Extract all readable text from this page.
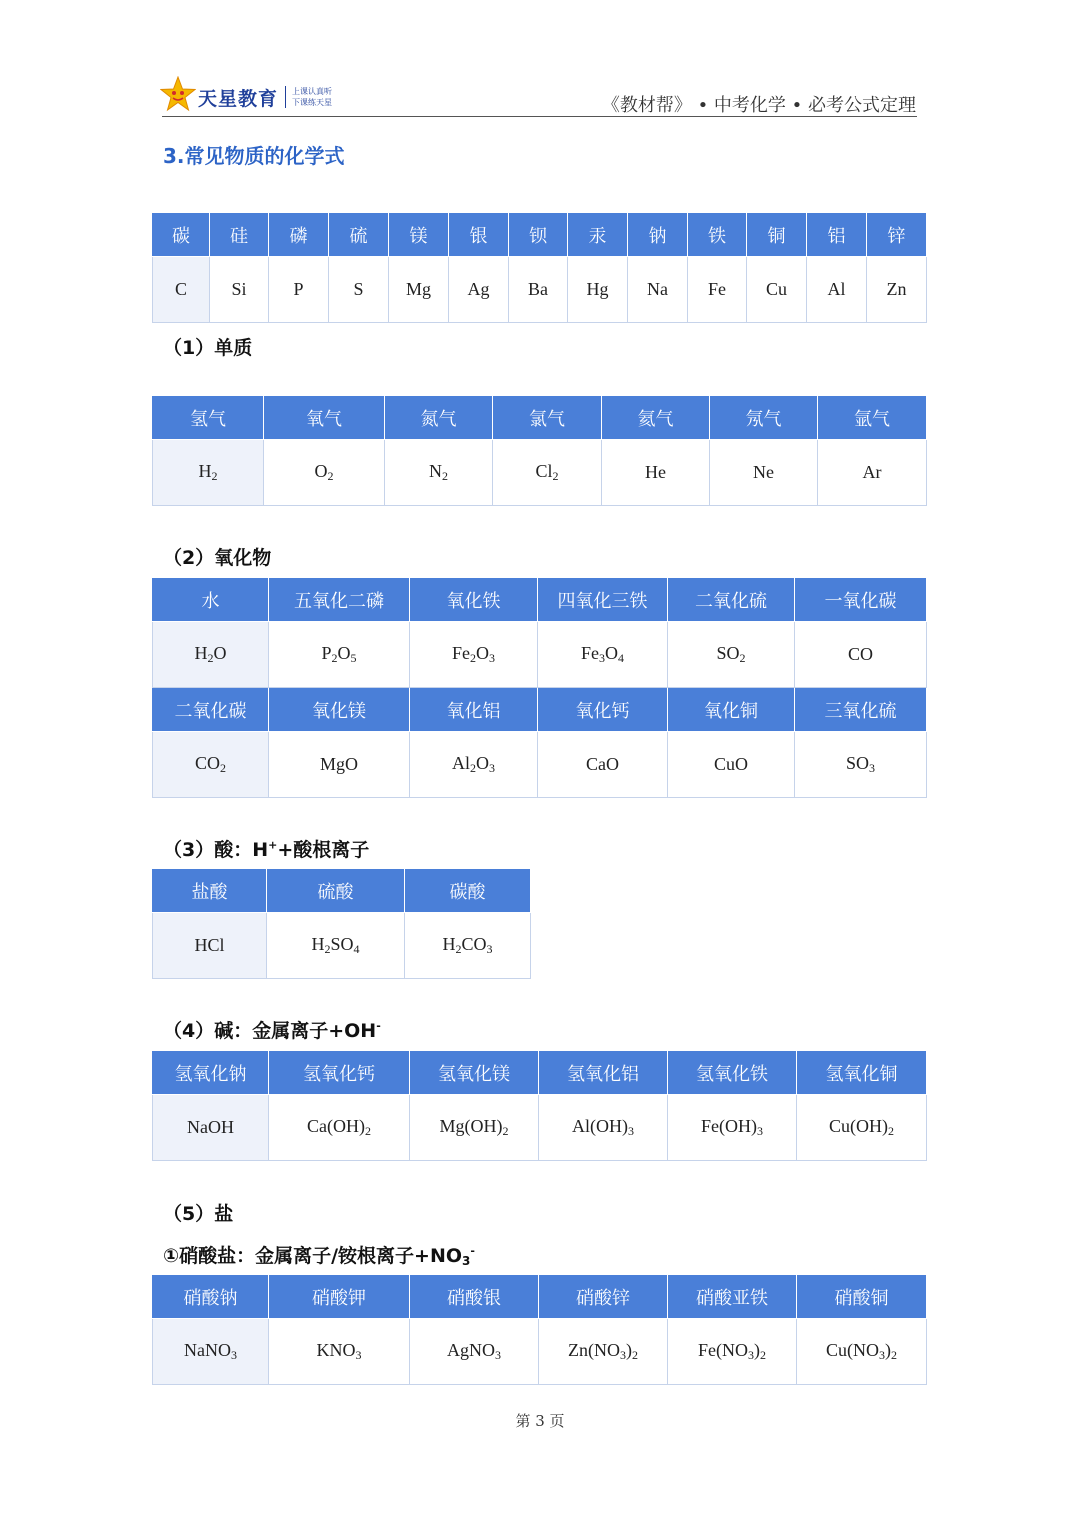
天星教育 上课认真听
下课练天星	《教材帮》 • 中考化学 • 必考公式定理
3.常见物质的化学式
碳	硅	磷	硫	镁	银	钡	汞	钠	铁	铜	铝	锌
C	Si	P	S	Mg	Ag	Ba	Hg	Na	Fe	Cu	Al	Zn
（1）单质
氢气	氧气	氮气	氯气	氦气	氖气	氩气
$H_2$	$O_2$	$N_2$	$Cl_2$	He	Ne	Ar
（2）氧化物
水	五氧化二磷	氧化铁	四氧化三铁	二氧化硫	一氧化碳
$H_2O$	$P_2O_5$	$Fe_2O_3$	$Fe_3O_4$	$SO_2$	CO
二氧化碳	氧化镁	氧化铝	氧化钙	氧化铜	三氧化硫
$CO_2$	MgO	$Al_2O_3$	CaO	CuO	$SO_3$
（3）酸：H++酸根离子
盐酸	硫酸	碳酸
HCl	$H_2SO_4$	$H_2CO_3$
（4）碱：金属离子+OH-
氢氧化钠	氢氧化钙	氢氧化镁	氢氧化铝	氢氧化铁	氢氧化铜
NaOH	$Ca(OH)_2$	$Mg(OH)_2$	$Al(OH)_3$	$Fe(OH)_3$	$Cu(OH)_2$
（5）盐
①硝酸盐：金属离子/铵根离子$+NO_3^-$
硝酸钠	硝酸钾	硝酸银	硝酸锌	硝酸亚铁	硝酸铜
NaNO$_3$	$KNO_3$	AgNO$_3$	$Zn(NO_3)_2$	$Fe(NO_3)_2$	$Cu(NO_3)_2$
第 3 页
